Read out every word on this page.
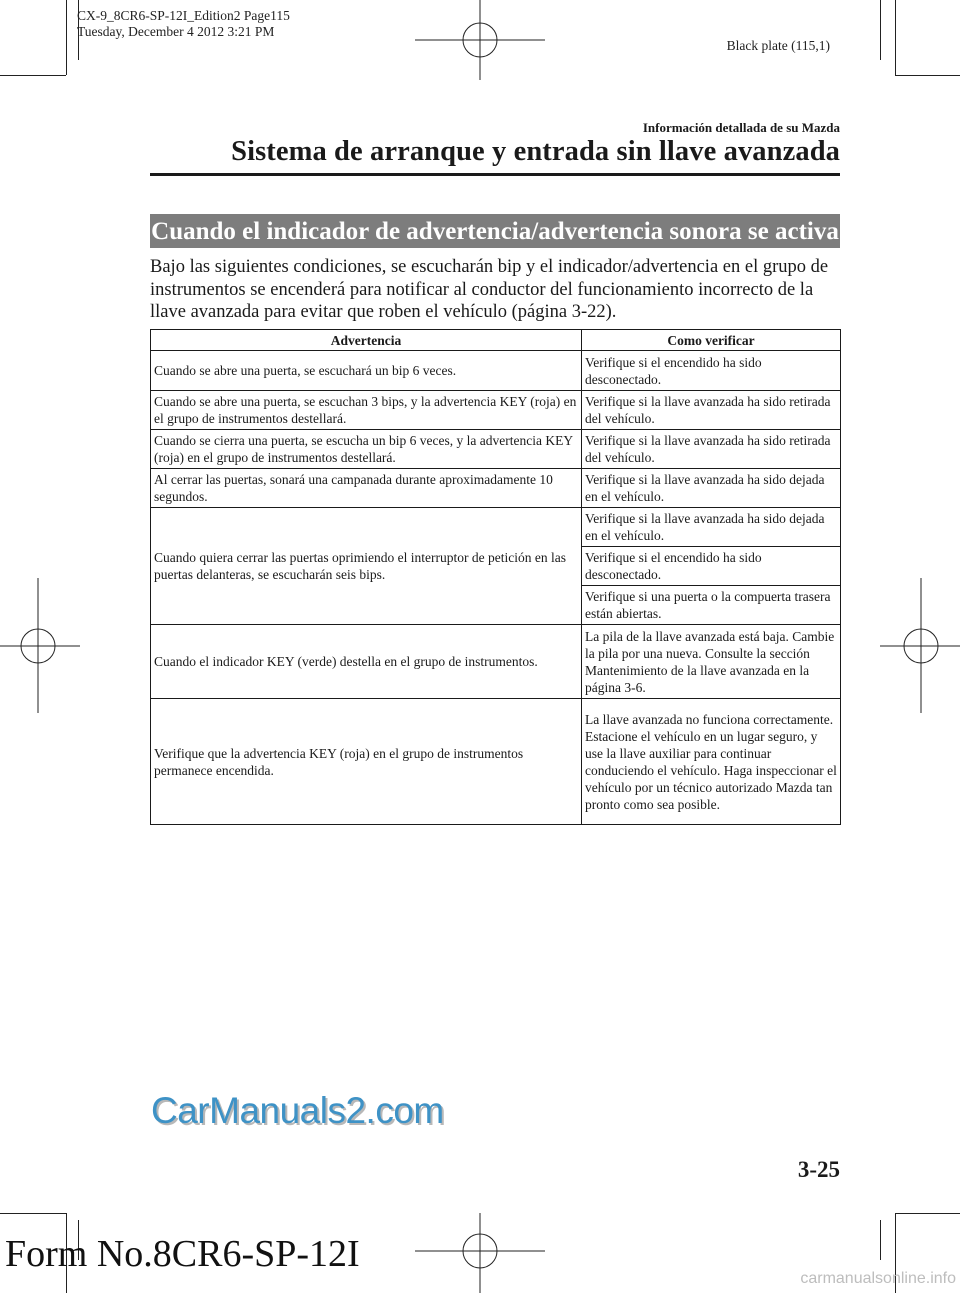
CX-9_8CR6-SP-12I_Edition2 Page115
Tuesday, December 4 2012 3:21 PM
Black plate (115,1)
Información detallada de su Mazda
Sistema de arranque y entrada sin llave avanzada
Cuando el indicador de advertencia/advertencia sonora se activa
Bajo las siguientes condiciones, se escucharán bip y el indicador/advertencia en el grupo de instrumentos se encenderá para notificar al conductor del funcionamiento incorrecto de la llave avanzada para evitar que roben el vehículo (página 3-22).
Advertencia	Como verificar
Cuando se abre una puerta, se escuchará un bip 6 veces.	Verifique si el encendido ha sido desconectado.
Cuando se abre una puerta, se escuchan 3 bips, y la advertencia KEY (roja) en el grupo de instrumentos destellará.	Verifique si la llave avanzada ha sido retirada del vehículo.
Cuando se cierra una puerta, se escucha un bip 6 veces, y la advertencia KEY (roja) en el grupo de instrumentos destellará.	Verifique si la llave avanzada ha sido retirada del vehículo.
Al cerrar las puertas, sonará una campanada durante aproximadamente 10 segundos.	Verifique si la llave avanzada ha sido dejada en el vehículo.
Cuando quiera cerrar las puertas oprimiendo el interruptor de petición en las puertas delanteras, se escucharán seis bips.	Verifique si la llave avanzada ha sido dejada en el vehículo.
	Verifique si el encendido ha sido desconectado.
	Verifique si una puerta o la compuerta trasera están abiertas.
Cuando el indicador KEY (verde) destella en el grupo de instrumentos.	La pila de la llave avanzada está baja. Cambie la pila por una nueva. Consulte la sección Mantenimiento de la llave avanzada en la página 3-6.
Verifique que la advertencia KEY (roja) en el grupo de instrumentos permanece encendida.	La llave avanzada no funciona correctamente. Estacione el vehículo en un lugar seguro, y use la llave auxiliar para continuar conduciendo el vehículo. Haga inspeccionar el vehículo por un técnico autorizado Mazda tan pronto como sea posible.
CarManuals2.com
3-25
Form No.8CR6-SP-12I
carmanualsonline.info
